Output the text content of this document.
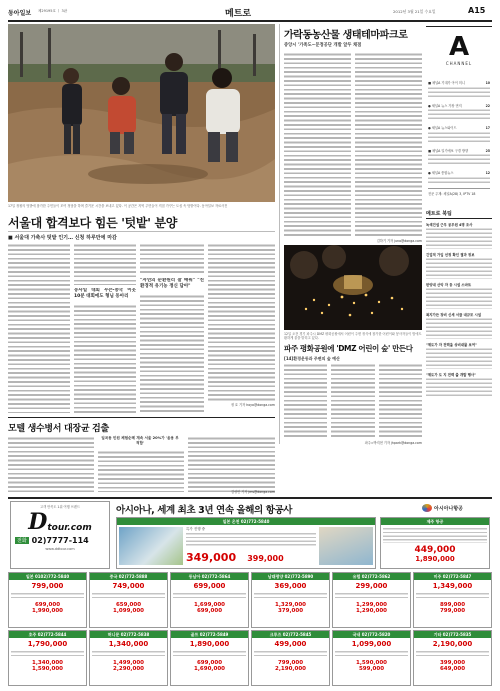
동아일보 제29195호 ㅣ 3판	메트로	2012년 3월 21일 수요일	A15
17일 정원의 텃밭에 참가한 주민들이 모여 정담을 하며 즐거운 시간을 보내고 있다. 이 공간은 지역 주민들이 직접 가꾸는 도심 속 텃밭이다. 동아일보 자료사진
서울대 합격보다 힘든 '텃밭' 분양
■ 서울대 가축사 텃밭 인기… 신청 하루만에 마감
농사일 대회 무슨·중국 이웃 10분 대회에도 형님 동아리
"자연의 순환원리 잘 배워" "친환경적 유기농 정신 담아"
정 호 기자 hoya@donga.com
가락동농산물 생태테마파크로
중앙시 '가족도~문정공단 개발 앞두 채점
김하기 기자 juno@donga.com
A
CHANNEL
■ 채널A 기대가 아이 미니	10
● 채널A 뉴스 가장 먼저	22
● 채널A 뉴스와이드	17
■ 채널A 일기예보 구경 방향	25
● 채널A 종합뉴스	12
전문 주재: 채널A(28) 3, IPTV 18
메트로 북팀
녹색건설 근무 공무원 4명 조사
긴업적 가입 선정 확인 결과 정보
한양대 산악 자 등 시설 스마트
복지가든 장비 신세 서클 대규모 시설
"제도가 자 전력을 상비대를 보여"
"제도가 도 지 전력 출 개발 행사"
12일 오전 경기 파주시 DMZ 평화공원에서 어린이 주변 정식에 참가한 어린이와 봉사자들이 밤에도 환하게 불을 밝히고 있다.
파주 평화공원에 'DMZ 어린이 숲' 만든다
[14]환경운동과 주변의 숲 예산
파주=박지현 기자 jhpark@donga.com
모텔 생수병서 대장균 검출
일곡동 민원 체험순례 계속 서울 20%가 '음용 부적합'
김성민 기자 jms@donga.com
고객 만족도 1위 여행 브랜드
D tour.com
전화 02)7777-114
www.ddtour.com
아시아나, 세계 최초 3년 연속 올해의 항공사	아시아나항공
일본 온천 02)772-5840
특가 진행 중
349,000 399,000
제주 항공
449,000
1,890,000
일본 0102)772-5840
799,000
699,000
1,990,000
중국 02)772-5888
749,000
659,000
1,099,000
동남아 02)772-5864
699,000
1,699,000
699,000
남태평양 02)772-5890
369,000
1,329,000
379,000
유럽 02)772-5862
299,000
1,299,000
1,290,000
미주 02)772-5847
1,349,000
899,000
799,000
호주 02)772-5844
1,790,000
1,340,000
1,590,000
허니문 02)772-5838
1,340,000
1,499,000
2,290,000
골프 02)772-5849
1,890,000
699,000
1,690,000
크루즈 02)772-5845
499,000
799,000
2,190,000
국내 02)772-5820
1,099,000
1,590,000
599,000
기타 02)772-5835
2,190,000
399,000
649,000
